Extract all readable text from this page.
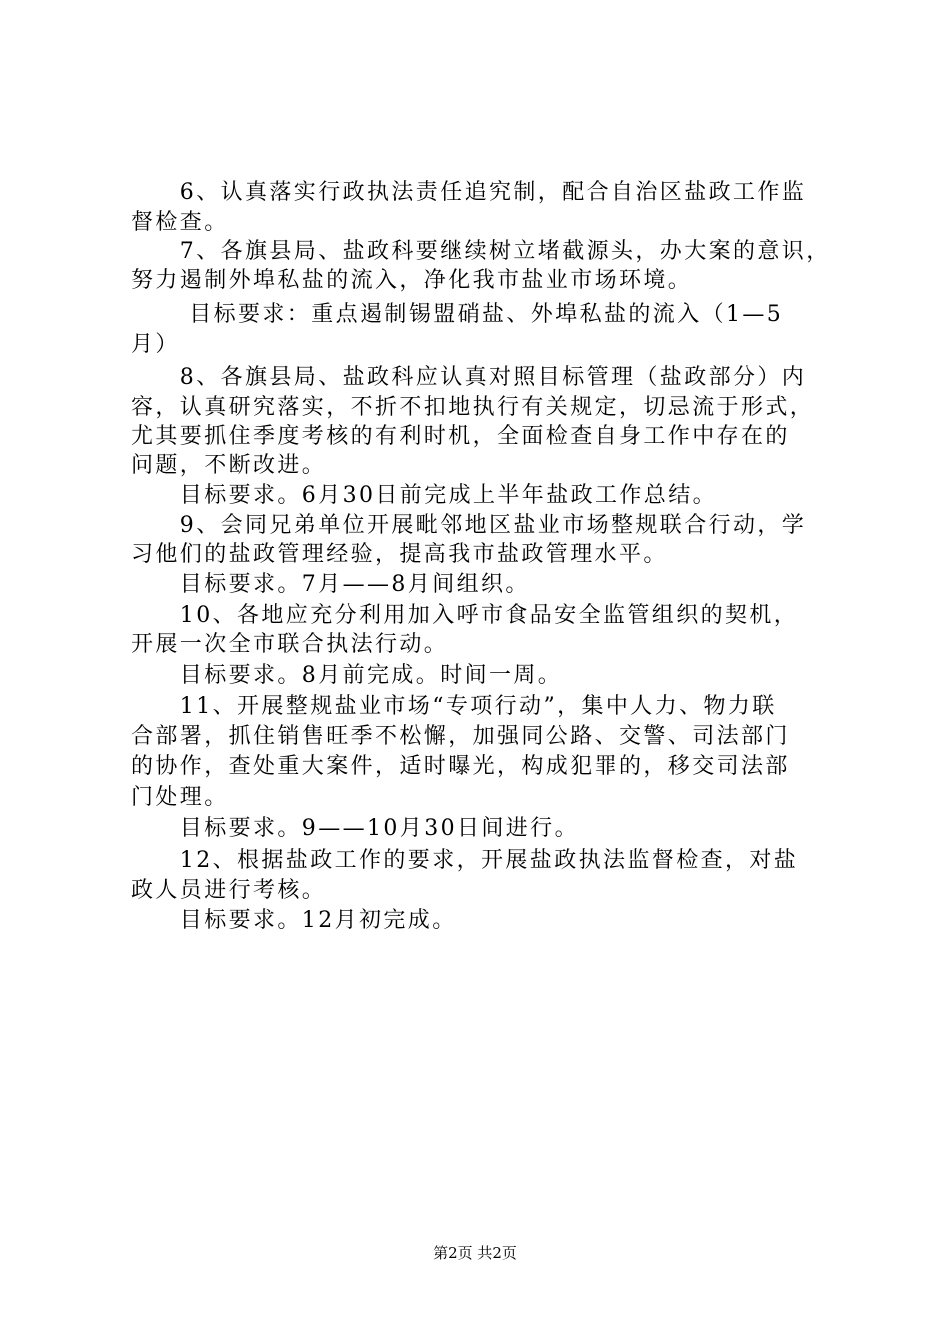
　　6、认真落实行政执法责任追究制，配合自治区盐政工作监
督检查。
　　7、各旗县局、盐政科要继续树立堵截源头，办大案的意识，
努力遏制外埠私盐的流入，净化我市盐业市场环境。
　　 目标要求：重点遏制锡盟硝盐、外埠私盐的流入（1—5
月）
　　8、各旗县局、盐政科应认真对照目标管理（盐政部分）内
容，认真研究落实，不折不扣地执行有关规定，切忌流于形式，
尤其要抓住季度考核的有利时机，全面检查自身工作中存在的
问题，不断改进。
　　目标要求。6月30日前完成上半年盐政工作总结。
　　9、会同兄弟单位开展毗邻地区盐业市场整规联合行动，学
习他们的盐政管理经验，提高我市盐政管理水平。
　　目标要求。7月——8月间组织。
　　10、各地应充分利用加入呼市食品安全监管组织的契机，
开展一次全市联合执法行动。
　　目标要求。8月前完成。时间一周。
　　11、开展整规盐业市场“专项行动”，集中人力、物力联
合部署，抓住销售旺季不松懈，加强同公路、交警、司法部门
的协作，查处重大案件，适时曝光，构成犯罪的，移交司法部
门处理。
　　目标要求。9——10月30日间进行。
　　12、根据盐政工作的要求，开展盐政执法监督检查，对盐
政人员进行考核。
　　目标要求。12月初完成。
第2页 共2页
